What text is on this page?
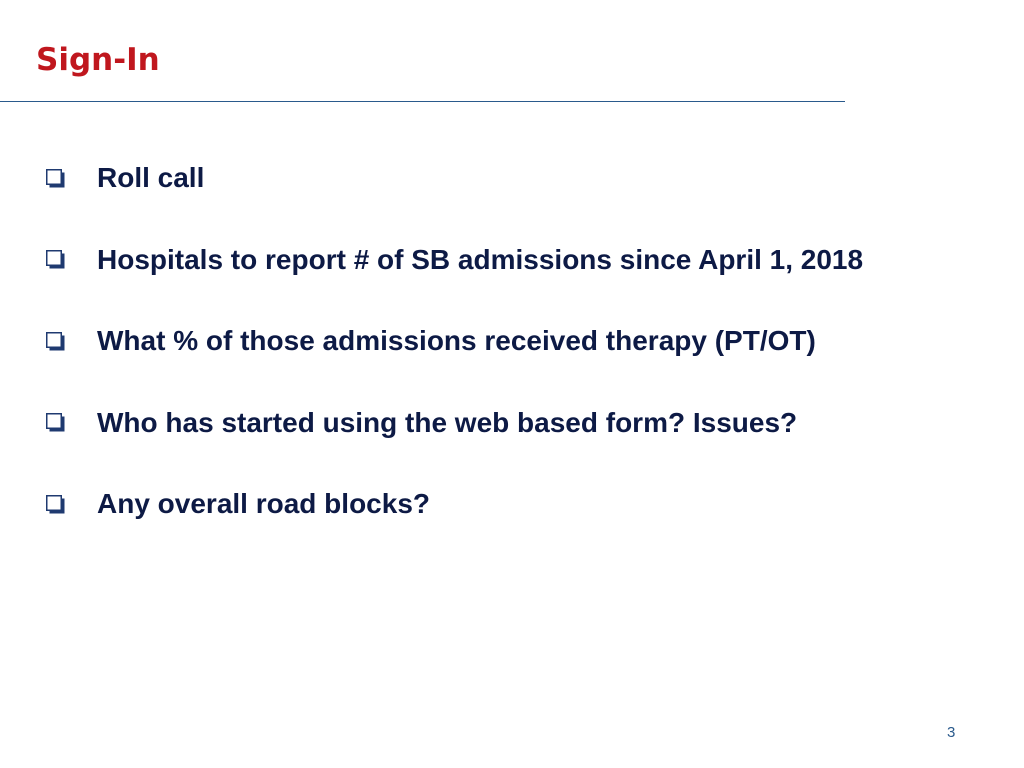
Sign-In
Roll call
Hospitals to report # of SB admissions since April 1, 2018
What % of those admissions received therapy (PT/OT)
Who has started using the web based form? Issues?
Any overall road blocks?
3
